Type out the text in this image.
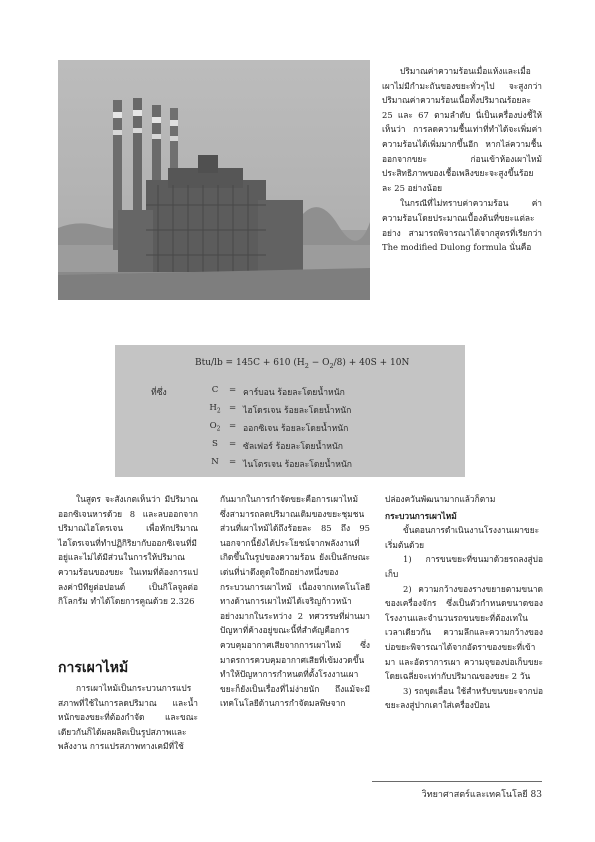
ปริมาณค่าความร้อนเมื่อแห้งและเมื่อเผาไม่มีกำมะถันของขยะทั่วๆไป จะสูงกว่าปริมาณค่าความร้อนเนื้อทั้งปริมาณร้อยละ 25 และ 67 ตามลำดับ นี่เป็นเครื่องบ่งชี้ให้เห็นว่า การลดความชื้นเท่าที่ทำได้จะเพิ่มค่าความร้อนได้เพิ่มมากขึ้นอีก หากไล่ความชื้นออกจากขยะ ก่อนเข้าห้องเผาไหม้ ประสิทธิภาพของเชื้อเพลิงขยะจะสูงขึ้นร้อยละ 25 อย่างน้อย

ในกรณีที่ไม่ทราบค่าความร้อน ค่าความร้อนโดยประมาณเบื้องต้นที่ขยะแต่ละอย่าง สามารถพิจารณาได้จากสูตรที่เรียกว่า The modified Dulong formula นั่นคือ

Btu/lb = 145C + 610 $(H_2 - O_2/8) + 40S + 10N$
ที่ซึ่ง	C	= คาร์บอน ร้อยละโดยน้ำหนัก
$H_2$ = ไฮโดรเจน ร้อยละโดยน้ำหนัก
$O_2$ = ออกซิเจน ร้อยละโดยน้ำหนัก
S	= ซัลเฟอร์ ร้อยละโดยน้ำหนัก
N	= ไนโตรเจน ร้อยละโดยน้ำหนัก

ในสูตร จะสังเกตเห็นว่า มีปริมาณออกซิเจนหารด้วย 8 และลบออกจากปริมาณไฮโดรเจน เพื่อหักปริมาณไฮโดรเจนที่ทำปฏิกิริยากับออกซิเจนที่มีอยู่และไม่ได้มีส่วนในการให้ปริมาณความร้อนของขยะ ในเทมที่ต้องการแปลงค่าบีทียูต่อปอนด์ เป็นกิโลจูลต่อกิโลกรัม ทำได้โดยการคูณด้วย 2.326

การเผาไหม้

การเผาไหม้เป็นกระบวนการแปรสภาพที่ใช้ในการลดปริมาณ และน้ำหนักของขยะที่ต้องกำจัด และขณะเดียวกันก็ได้ผลผลิตเป็นรูปสภาพและพลังงาน การแปรสภาพทางเคมีที่ใช้

กันมากในการกำจัดขยะคือการเผาไหม้ ซึ่งสามารถลดปริมาณเดิมของขยะชุมชนส่วนที่เผาไหม้ได้ถึงร้อยละ 85 ถึง 95 นอกจากนี้ยังได้ประโยชน์จากพลังงานที่เกิดขึ้นในรูปของความร้อน ยังเป็นลักษณะเด่นที่น่าดึงดูดใจอีกอย่างหนึ่งของกระบวนการเผาไหม้ เนื่องจากเทคโนโลยีทางด้านการเผาไหม้ได้เจริญก้าวหน้าอย่างมากในระหว่าง 2 ทศวรรษที่ผ่านมา ปัญหาที่ค้างอยู่ขณะนี้ที่สำคัญคือการควบคุมอากาศเสียจากการเผาไหม้ ซึ่งมาตรการควบคุมอากาศเสียที่เข้มงวดขึ้นทำให้ปัญหาการกำหนดที่ตั้งโรงงานเผาขยะก็ยังเป็นเรื่องที่ไม่ง่ายนัก ถึงแม้จะมีเทคโนโลยีด้านการกำจัดมลพิษจาก

ปล่องควันพัฒนามากแล้วก็ตาม

กระบวนการเผาไหม้

ขั้นตอนการดำเนินงานโรงงานเผาขยะ เริ่มต้นด้วย

1) การขนขยะที่ขนมาด้วยรถลงสู่บ่อเก็บ

2) ความกว้างของรางขยายตามขนาดของเครื่องจักร ซึ่งเป็นตัวกำหนดขนาดของโรงงานและจำนวนรถขนขยะที่ต้องเทในเวลาเดียวกัน ความลึกและความกว้างของบ่อขยะพิจารณาได้จากอัตราของขยะที่เข้ามา และอัตราการเผา ความจุของบ่อเก็บขยะโดยเฉลี่ยจะเท่ากับปริมาณของขยะ 2 วัน

3) รถขุดเลื่อน ใช้สำหรับขนขยะจากบ่อขยะลงสู่ปากเตาใส่เครื่องป้อน

วิทยาศาสตร์และเทคโนโลยี 83
